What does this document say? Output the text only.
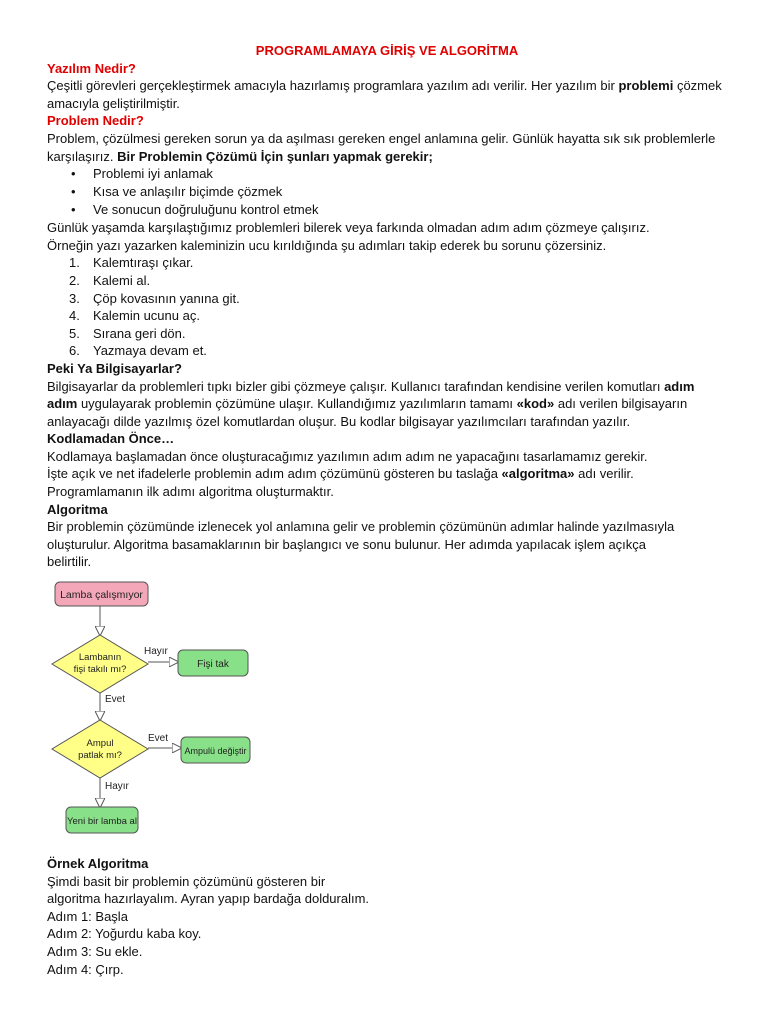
PROGRAMLAMAYA GİRİŞ VE ALGORİTMA
Yazılım Nedir?

Çeşitli görevleri gerçekleştirmek amacıyla hazırlamış programlara yazılım adı verilir. Her yazılım bir problemi çözmek amacıyla geliştirilmiştir.

Problem Nedir?

Problem, çözülmesi gereken sorun ya da aşılması gereken engel anlamına gelir. Günlük hayatta sık sık problemlerle karşılaşırız. Bir Problemin Çözümü İçin şunları yapmak gerekir;

• Problemi iyi anlamak
• Kısa ve anlaşılır biçimde çözmek
• Ve sonucun doğruluğunu kontrol etmek

Günlük yaşamda karşılaştığımız problemleri bilerek veya farkında olmadan adım adım çözmeye çalışırız.

Örneğin yazı yazarken kaleminizin ucu kırıldığında şu adımları takip ederek bu sorunu çözersiniz.

1. Kalemtıraşı çıkar.
2. Kalemi al.
3. Çöp kovasının yanına git.
4. Kalemin ucunu aç.
5. Sırana geri dön.
6. Yazmaya devam et.
Peki Ya Bilgisayarlar?

Bilgisayarlar da problemleri tıpkı bizler gibi çözmeye çalışır. Kullanıcı tarafından kendisine verilen komutları adım adım uygulayarak problemin çözümüne ulaşır. Kullandığımız yazılımların tamamı «kod» adı verilen bilgisayarın anlayacağı dilde yazılmış özel komutlardan oluşur. Bu kodlar bilgisayar yazılımcıları tarafından yazılır.

Kodlamadan Önce…

Kodlamaya başlamadan önce oluşturacağımız yazılımın adım adım ne yapacağını tasarlamamız gerekir.

İşte açık ve net ifadelerle problemin adım adım çözümünü gösteren bu taslağa «algoritma» adı verilir.

Programlamanın ilk adımı algoritma oluşturmaktır.

Algoritma

Bir problemin çözümünde izlenecek yol anlamına gelir ve problemin çözümünün adımlar halinde yazılmasıyla oluşturulur. Algoritma basamaklarının bir başlangıcı ve sonu bulunur. Her adımda yapılacak işlem açıkça
belirtilir.

Lamba çalışmıyor
Lambanın
fişi takılı mı?
Hayır
Fişi tak
Evet
Ampul
patlak mı?
Evet
Ampulü değiştir
Hayır
Yeni bir lamba al
Örnek Algoritma

Şimdi basit bir problemin çözümünü gösteren bir

algoritma hazırlayalım. Ayran yapıp bardağa dolduralım.

Adım 1: Başla

Adım 2: Yoğurdu kaba koy.

Adım 3: Su ekle.

Adım 4: Çırp.
